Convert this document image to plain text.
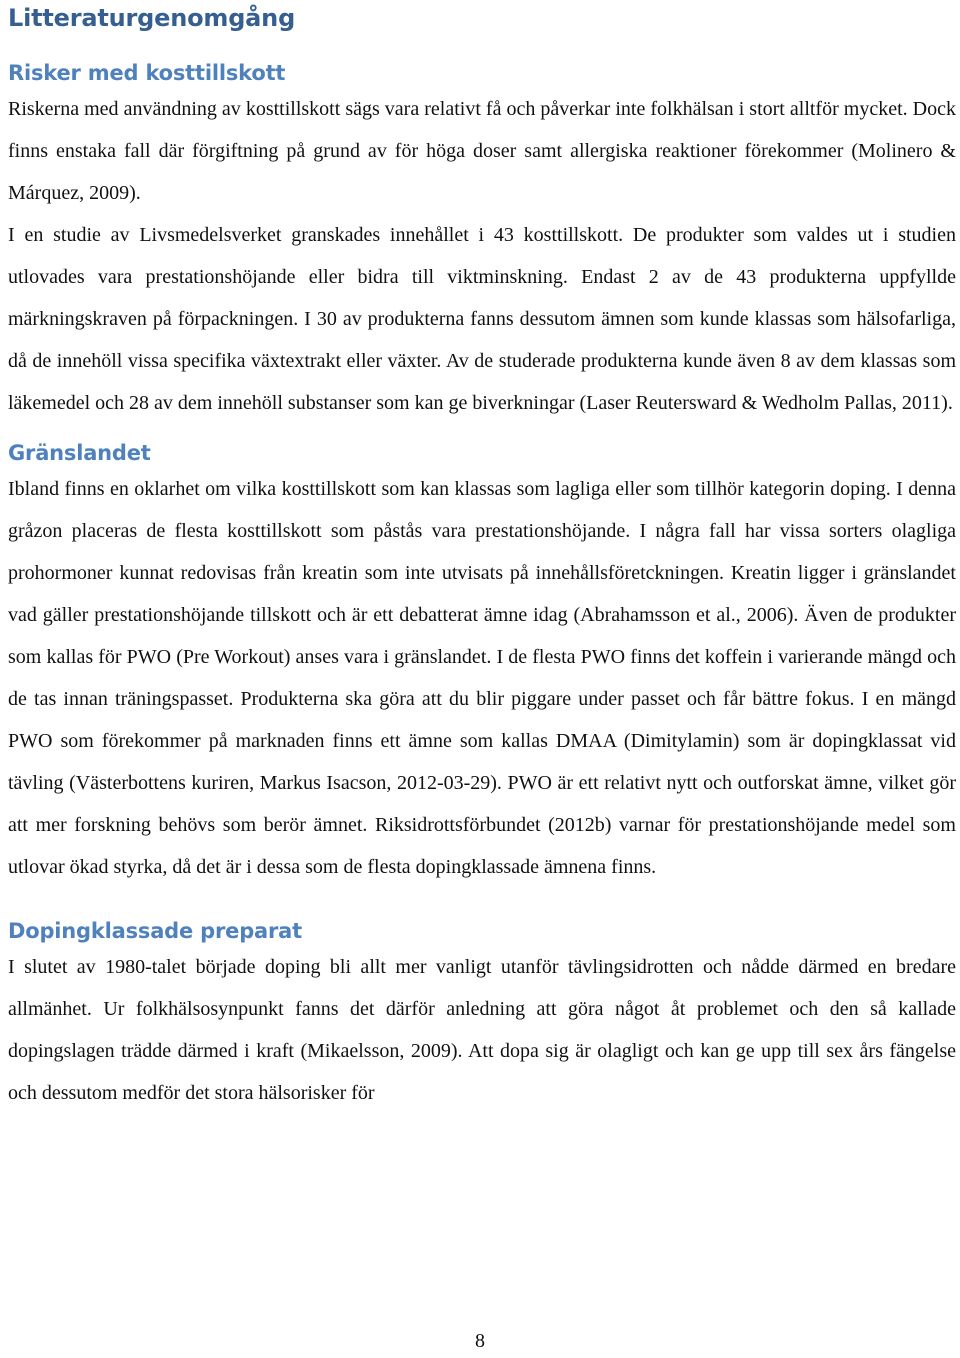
Litteraturgenomgång
Risker med kosttillskott

Riskerna med användning av kosttillskott sägs vara relativt få och påverkar inte folkhälsan i stort alltför mycket. Dock finns enstaka fall där förgiftning på grund av för höga doser samt allergiska reaktioner förekommer (Molinero & Márquez, 2009).

I en studie av Livsmedelsverket granskades innehållet i 43 kosttillskott. De produkter som valdes ut i studien utlovades vara prestationshöjande eller bidra till viktminskning. Endast 2 av de 43 produkterna uppfyllde märkningskraven på förpackningen. I 30 av produkterna fanns dessutom ämnen som kunde klassas som hälsofarliga, då de innehöll vissa specifika växtextrakt eller växter. Av de studerade produkterna kunde även 8 av dem klassas som läkemedel och 28 av dem innehöll substanser som kan ge biverkningar (Laser Reutersward & Wedholm Pallas, 2011).

Gränslandet

Ibland finns en oklarhet om vilka kosttillskott som kan klassas som lagliga eller som tillhör kategorin doping. I denna gråzon placeras de flesta kosttillskott som påstås vara prestationshöjande. I några fall har vissa sorters olagliga prohormoner kunnat redovisas från kreatin som inte utvisats på innehållsföretckningen. Kreatin ligger i gränslandet vad gäller prestationshöjande tillskott och är ett debatterat ämne idag (Abrahamsson et al., 2006). Även de produkter som kallas för PWO (Pre Workout) anses vara i gränslandet. I de flesta PWO finns det koffein i varierande mängd och de tas innan träningspasset. Produkterna ska göra att du blir piggare under passet och får bättre fokus. I en mängd PWO som förekommer på marknaden finns ett ämne som kallas DMAA (Dimitylamin) som är dopingklassat vid tävling (Västerbottens kuriren, Markus Isacson, 2012-03-29). PWO är ett relativt nytt och outforskat ämne, vilket gör att mer forskning behövs som berör ämnet. Riksidrottsförbundet (2012b) varnar för prestationshöjande medel som utlovar ökad styrka, då det är i dessa som de flesta dopingklassade ämnena finns.

Dopingklassade preparat

I slutet av 1980-talet började doping bli allt mer vanligt utanför tävlingsidrotten och nådde därmed en bredare allmänhet. Ur folkhälsosynpunkt fanns det därför anledning att göra något åt problemet och den så kallade dopingslagen trädde därmed i kraft (Mikaelsson, 2009). Att dopa sig är olagligt och kan ge upp till sex års fängelse och dessutom medför det stora hälsorisker för

8
